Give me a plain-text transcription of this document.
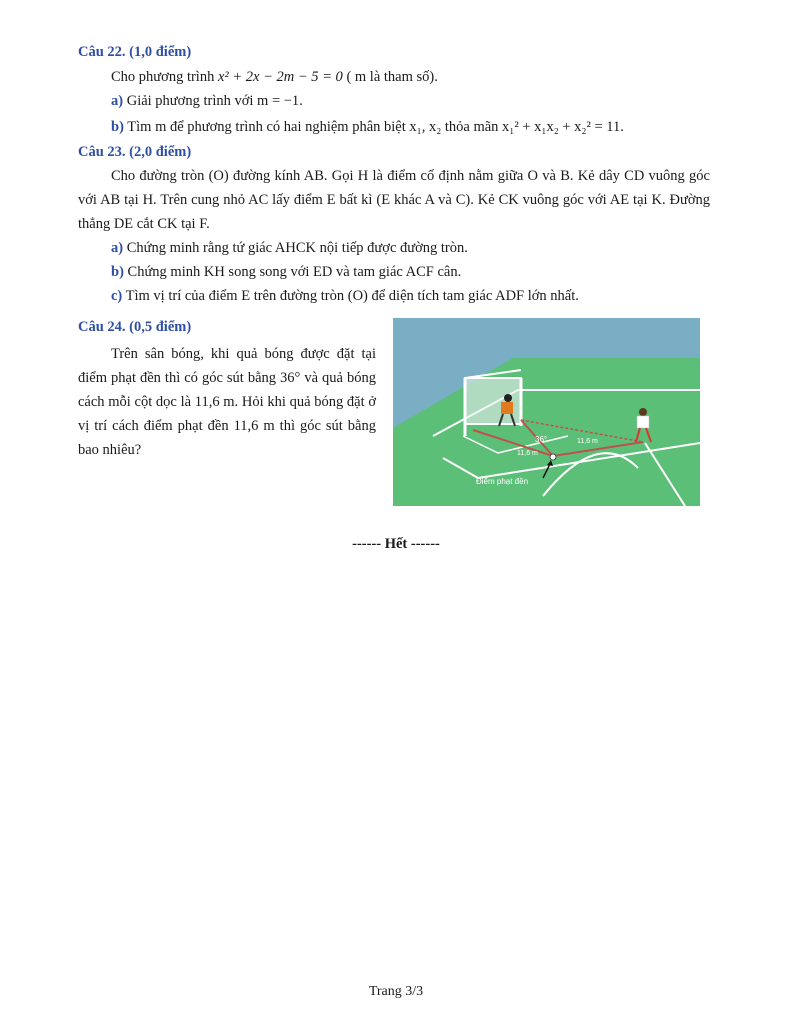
Câu 22. (1,0 điểm)
Cho phương trình x² + 2x − 2m − 5 = 0 ( m là tham số).
a) Giải phương trình với m = −1.
b) Tìm m để phương trình có hai nghiệm phân biệt x₁, x₂ thỏa mãn x₁² + x₁x₂ + x₂² = 11.
Câu 23. (2,0 điểm)

Cho đường tròn (O) đường kính AB. Gọi H là điểm cố định nằm giữa O và B. Kẻ dây CD vuông góc với AB tại H. Trên cung nhỏ AC lấy điểm E bất kì (E khác A và C). Kẻ CK vuông góc với AE tại K. Đường thẳng DE cắt CK tại F.

a) Chứng minh rằng tứ giác AHCK nội tiếp được đường tròn.
b) Chứng minh KH song song với ED và tam giác ACF cân.
c) Tìm vị trí của điểm E trên đường tròn (O) để diện tích tam giác ADF lớn nhất.
Câu 24. (0,5 điểm)

Trên sân bóng, khi quả bóng được đặt tại điểm phạt đền thì có góc sút bằng 36° và quả bóng cách mỗi cột dọc là 11,6 m. Hỏi khi quả bóng đặt ở vị trí cách điểm phạt đền 11,6 m thì góc sút bằng bao nhiêu?

36°
11,6 m
11,6 m
Điểm phạt đền
------ Hết ------
Trang 3/3
